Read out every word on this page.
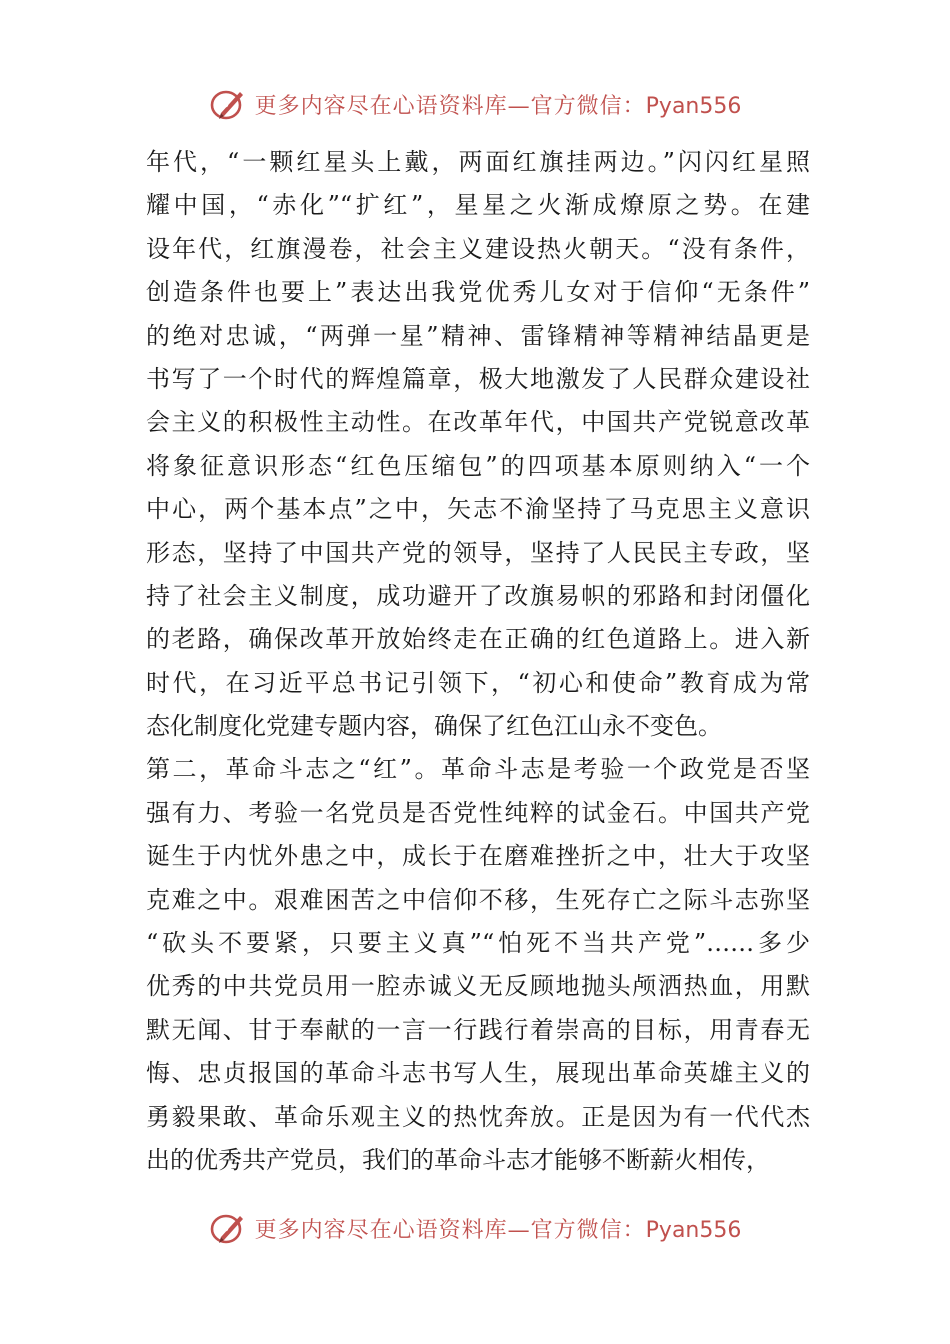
更多内容尽在心语资料库—官方微信：Pyan556
年代，“一颗红星头上戴，两面红旗挂两边。”闪闪红星照
耀中国，“赤化”“扩红”，星星之火渐成燎原之势。在建
设年代，红旗漫卷，社会主义建设热火朝天。“没有条件，
创造条件也要上”表达出我党优秀儿女对于信仰“无条件”
的绝对忠诚，“两弹一星”精神、雷锋精神等精神结晶更是
书写了一个时代的辉煌篇章，极大地激发了人民群众建设社
会主义的积极性主动性。在改革年代，中国共产党锐意改革
将象征意识形态“红色压缩包”的四项基本原则纳入“一个
中心，两个基本点”之中，矢志不渝坚持了马克思主义意识
形态，坚持了中国共产党的领导，坚持了人民民主专政，坚
持了社会主义制度，成功避开了改旗易帜的邪路和封闭僵化
的老路，确保改革开放始终走在正确的红色道路上。进入新
时代，在习近平总书记引领下，“初心和使命”教育成为常
态化制度化党建专题内容，确保了红色江山永不变色。
第二，革命斗志之“红”。革命斗志是考验一个政党是否坚
强有力、考验一名党员是否党性纯粹的试金石。中国共产党
诞生于内忧外患之中，成长于在磨难挫折之中，壮大于攻坚
克难之中。艰难困苦之中信仰不移，生死存亡之际斗志弥坚
“砍头不要紧，只要主义真”“怕死不当共产党”……多少
优秀的中共党员用一腔赤诚义无反顾地抛头颅洒热血，用默
默无闻、甘于奉献的一言一行践行着崇高的目标，用青春无
悔、忠贞报国的革命斗志书写人生，展现出革命英雄主义的
勇毅果敢、革命乐观主义的热忱奔放。正是因为有一代代杰
出的优秀共产党员，我们的革命斗志才能够不断薪火相传，
更多内容尽在心语资料库—官方微信：Pyan556
